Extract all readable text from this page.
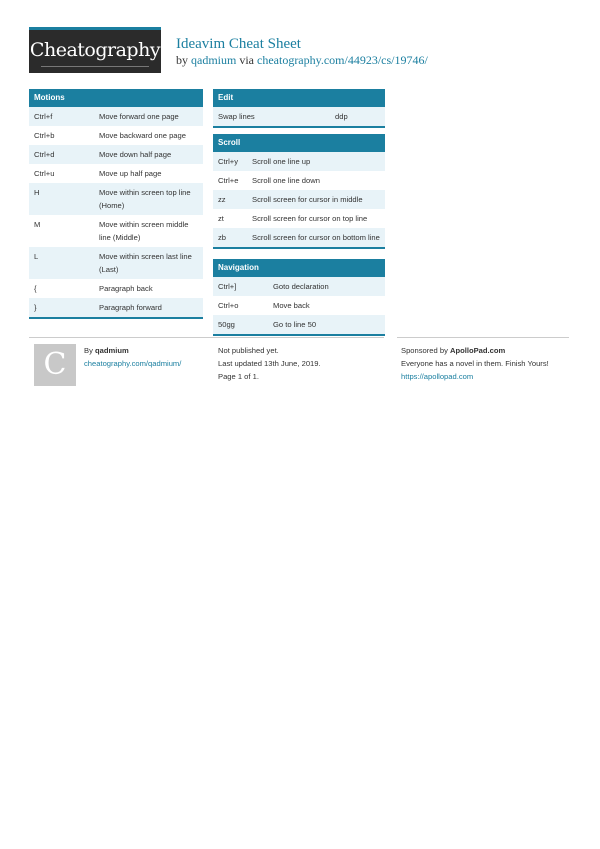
Cheatography Ideavim Cheat Sheet
by qadmium via cheatography.com/44923/cs/19746/
Motions
Ctrl+f	Move forward one page
Ctrl+b	Move backward one page
Ctrl+d	Move down half page
Ctrl+u	Move up half page
H	Move within screen top line (Home)
M	Move within screen middle line (Middle)
L	Move within screen last line (Last)
{	Paragraph back
}	Paragraph forward
Edit
Swap lines	ddp
Scroll
Ctrl+y	Scroll one line up
Ctrl+e	Scroll one line down
zz	Scroll screen for cursor in middle
zt	Scroll screen for cursor on top line
zb	Scroll screen for cursor on bottom line
Navigation
Ctrl+]	Goto declaration
Ctrl+o	Move back
50gg	Go to line 50
C	By qadmium
cheatography.com/qadmium/
Not published yet.
Last updated 13th June, 2019.
Page 1 of 1.
Sponsored by ApolloPad.com
Everyone has a novel in them. Finish Yours!
https://apollopad.com
